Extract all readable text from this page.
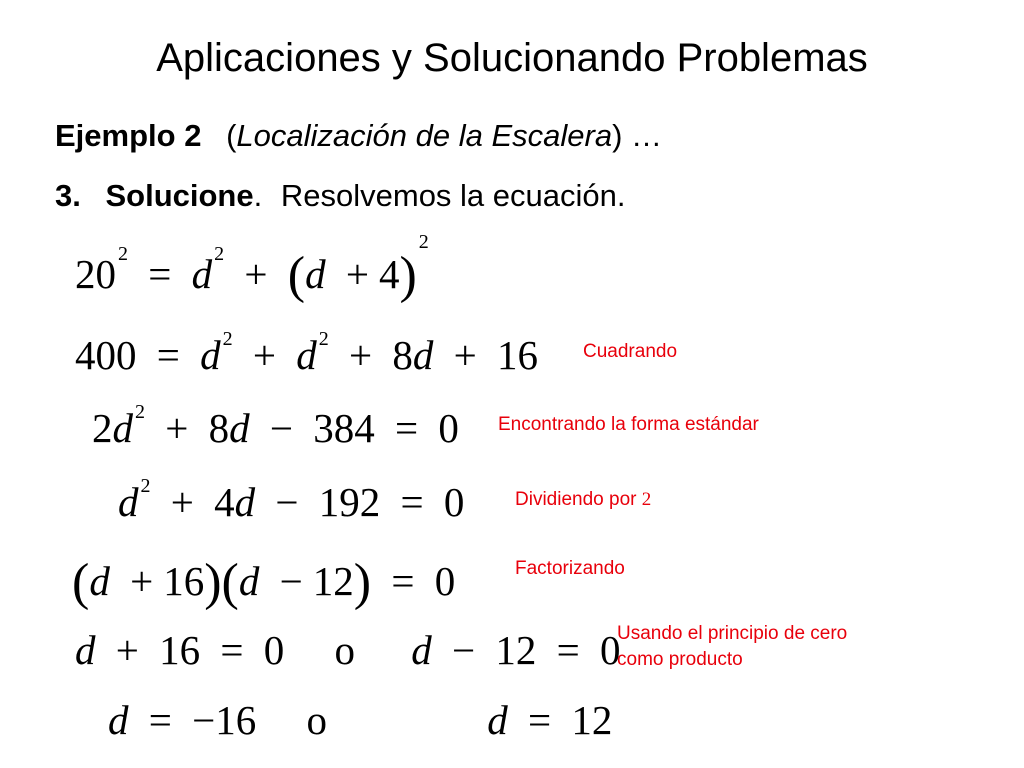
Aplicaciones y Solucionando Problemas
Ejemplo 2 (Localización de la Escalera) …
3. Solucione. Resolvemos la ecuación.
20 $^2$ = d $^2 + (d + 4)^2$
400 = d $^2$ + d $^2$ + 8d + 16
2d $^2$ + 8d − 384 = 0
d $^2$ + 4d − 192 = 0
(d + 16)(d − 12) = 0
d + 16 = 0 o d − 12 = 0
d = −16 o	d = 12
Cuadrando
Encontrando la forma estándar
Dividiendo por 2
Factorizando
Usando el principio de cero
como producto
